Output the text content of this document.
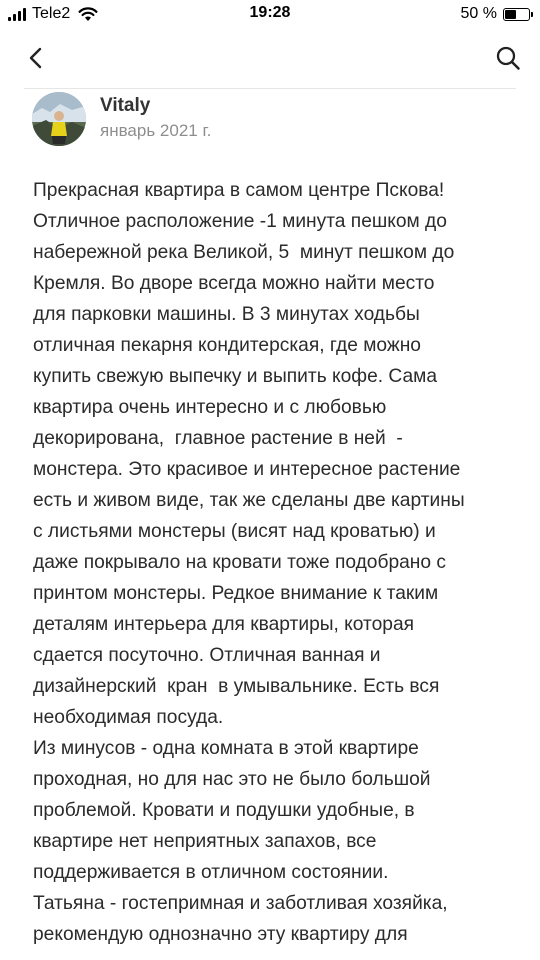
Tele2	19:28	50 %
Vitaly
январь 2021 г.

Прекрасная квартира в самом центре Пскова!

Отличное расположение -1 минута пешком до

набережной река Великой, 5  минут пешком до

Кремля. Во дворе всегда можно найти место

для парковки машины. В 3 минутах ходьбы

отличная пекарня кондитерская, где можно

купить свежую выпечку и выпить кофе. Сама

квартира очень интересно и с любовью

декорирована,  главное растение в ней  -

монстера. Это красивое и интересное растение

есть и живом виде, так же сделаны две картины

с листьями монстеры (висят над кроватью) и

даже покрывало на кровати тоже подобрано с

принтом монстеры. Редкое внимание к таким

деталям интерьера для квартиры, которая

сдается посуточно. Отличная ванная и

дизайнерский  кран  в умывальнике. Есть вся

необходимая посуда.

Из минусов - одна комната в этой квартире

проходная, но для нас это не было большой

проблемой. Кровати и подушки удобные, в

квартире нет неприятных запахов, все

поддерживается в отличном состоянии.

Татьяна - гостепримная и заботливая хозяйка,

рекомендую однозначно эту квартиру для
